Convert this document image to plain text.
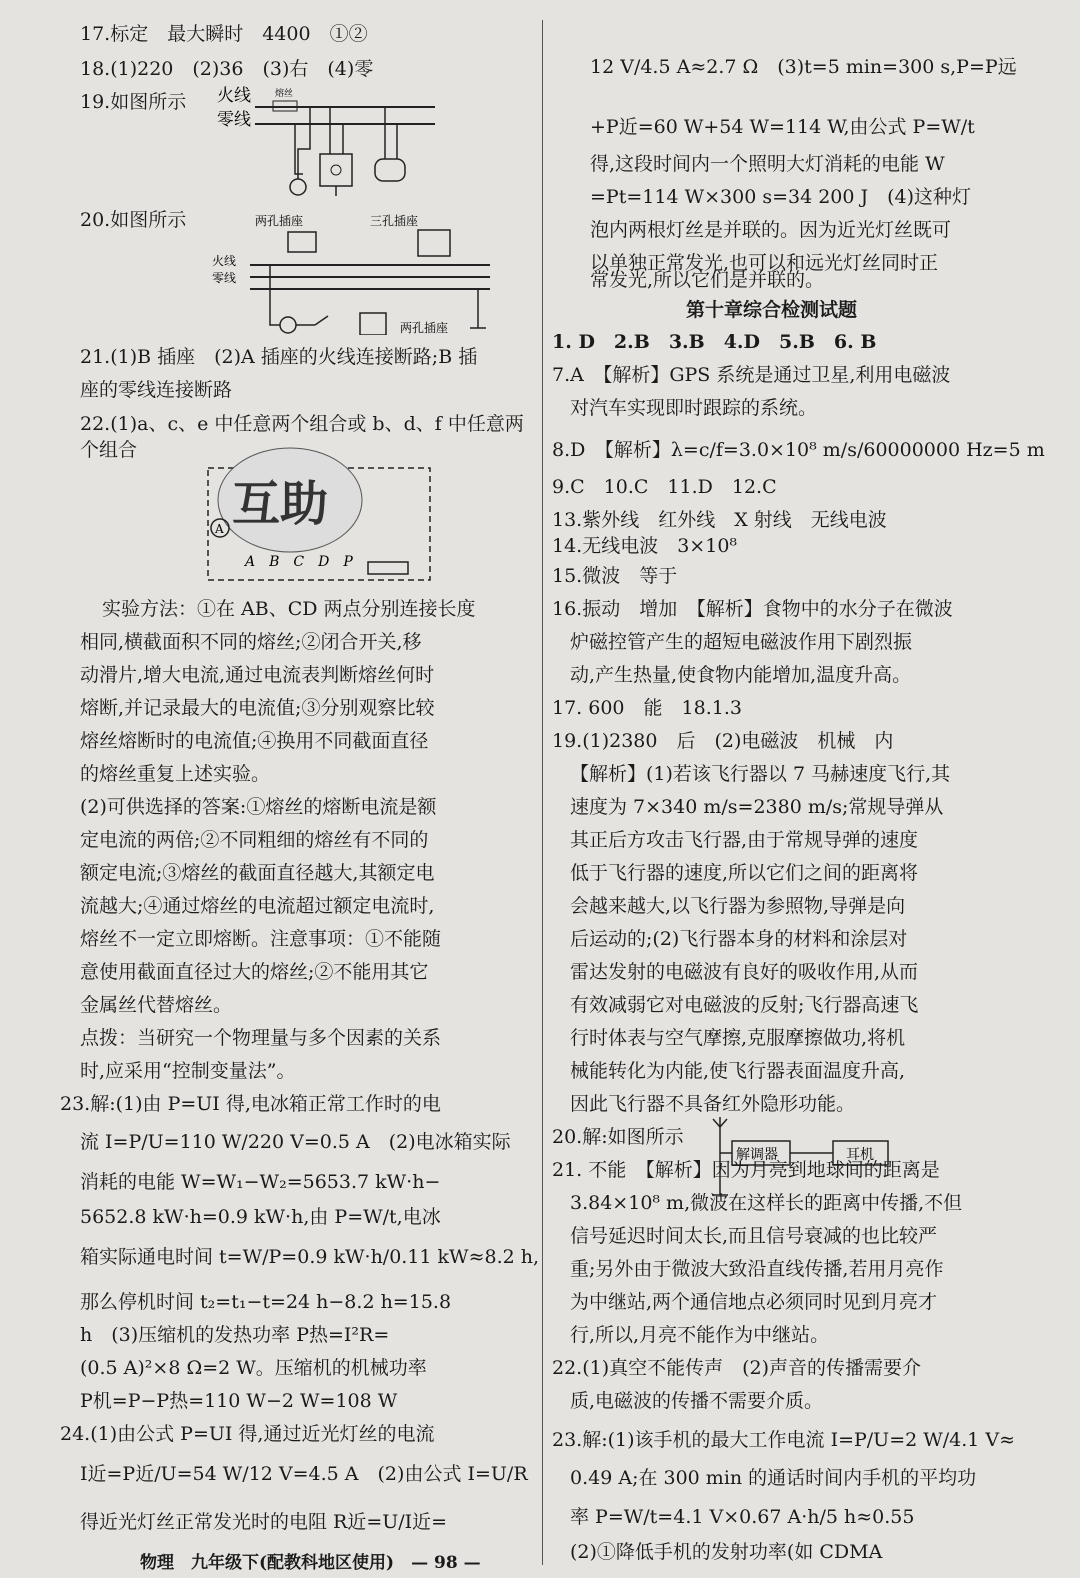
17.标定　最大瞬时　4400　①②
18.(1)220　(2)36　(3)右　(4)零
19.如图所示 火线
零线
熔丝
20.如图所示	两孔插座	三孔插座
火线
零线
两孔插座
21.(1)B 插座　(2)A 插座的火线连接断路;B 插
座的零线连接断路
22.(1)a、c、e 中任意两个组合或 b、d、f 中任意两
个组合
互助
A
A　B　C　D　P
实验方法：①在 AB、CD 两点分别连接长度
相同,横截面积不同的熔丝;②闭合开关,移
动滑片,增大电流,通过电流表判断熔丝何时
熔断,并记录最大的电流值;③分别观察比较
熔丝熔断时的电流值;④换用不同截面直径
的熔丝重复上述实验。
(2)可供选择的答案:①熔丝的熔断电流是额
定电流的两倍;②不同粗细的熔丝有不同的
额定电流;③熔丝的截面直径越大,其额定电
流越大;④通过熔丝的电流超过额定电流时,
熔丝不一定立即熔断。注意事项：①不能随
意使用截面直径过大的熔丝;②不能用其它
金属丝代替熔丝。
点拨：当研究一个物理量与多个因素的关系
时,应采用“控制变量法”。
23.解:(1)由 P=UI 得,电冰箱正常工作时的电
流 I=P/U=110 W/220 V=0.5 A　(2)电冰箱实际
消耗的电能 W=W₁−W₂=5653.7 kW·h−
5652.8 kW·h=0.9 kW·h,由 P=W/t,电冰
箱实际通电时间 t=W/P=0.9 kW·h/0.11 kW≈8.2 h,
那么停机时间 t₂=t₁−t=24 h−8.2 h=15.8
h　(3)压缩机的发热功率 P热=I²R=
(0.5 A)²×8 Ω=2 W。压缩机的机械功率
P机=P−P热=110 W−2 W=108 W
24.(1)由公式 P=UI 得,通过近光灯丝的电流
I近=P近/U=54 W/12 V=4.5 A　(2)由公式 I=U/R
得近光灯丝正常发光时的电阻 R近=U/I近=
12 V/4.5 A≈2.7 Ω　(3)t=5 min=300 s,P=P远
+P近=60 W+54 W=114 W,由公式 P=W/t
得,这段时间内一个照明大灯消耗的电能 W
=Pt=114 W×300 s=34 200 J　(4)这种灯
泡内两根灯丝是并联的。因为近光灯丝既可
以单独正常发光,也可以和远光灯丝同时正
常发光,所以它们是并联的。
第十章综合检测试题
1. D　2.B　3.B　4.D　5.B　6. B
7.A　【解析】GPS 系统是通过卫星,利用电磁波
对汽车实现即时跟踪的系统。
8.D　【解析】λ=c/f=3.0×10⁸ m/s/60000000 Hz=5 m
9.C　10.C　11.D　12.C
13.紫外线　红外线　X 射线　无线电波
14.无线电波　3×10⁸
15.微波　等于
16.振动　增加　【解析】食物中的水分子在微波
炉磁控管产生的超短电磁波作用下剧烈振
动,产生热量,使食物内能增加,温度升高。
17. 600　能　18.1.3
19.(1)2380　后　(2)电磁波　机械　内
【解析】(1)若该飞行器以 7 马赫速度飞行,其
速度为 7×340 m/s=2380 m/s;常规导弹从
其正后方攻击飞行器,由于常规导弹的速度
低于飞行器的速度,所以它们之间的距离将
会越来越大,以飞行器为参照物,导弹是向
后运动的;(2)飞行器本身的材料和涂层对
雷达发射的电磁波有良好的吸收作用,从而
有效减弱它对电磁波的反射;飞行器高速飞
行时体表与空气摩擦,克服摩擦做功,将机
械能转化为内能,使飞行器表面温度升高,
因此飞行器不具备红外隐形功能。
20.解:如图所示
解调器	耳机
21. 不能　【解析】因为月亮到地球间的距离是
3.84×10⁸ m,微波在这样长的距离中传播,不但
信号延迟时间太长,而且信号衰减的也比较严
重;另外由于微波大致沿直线传播,若用月亮作
为中继站,两个通信地点必须同时见到月亮才
行,所以,月亮不能作为中继站。
22.(1)真空不能传声　(2)声音的传播需要介
质,电磁波的传播不需要介质。
23.解:(1)该手机的最大工作电流 I=P/U=2 W/4.1 V≈
0.49 A;在 300 min 的通话时间内手机的平均功
率 P=W/t=4.1 V×0.67 A·h/5 h≈0.55
(2)①降低手机的发射功率(如 CDMA
物理　九年级下(配教科地区使用)　— 98 —
